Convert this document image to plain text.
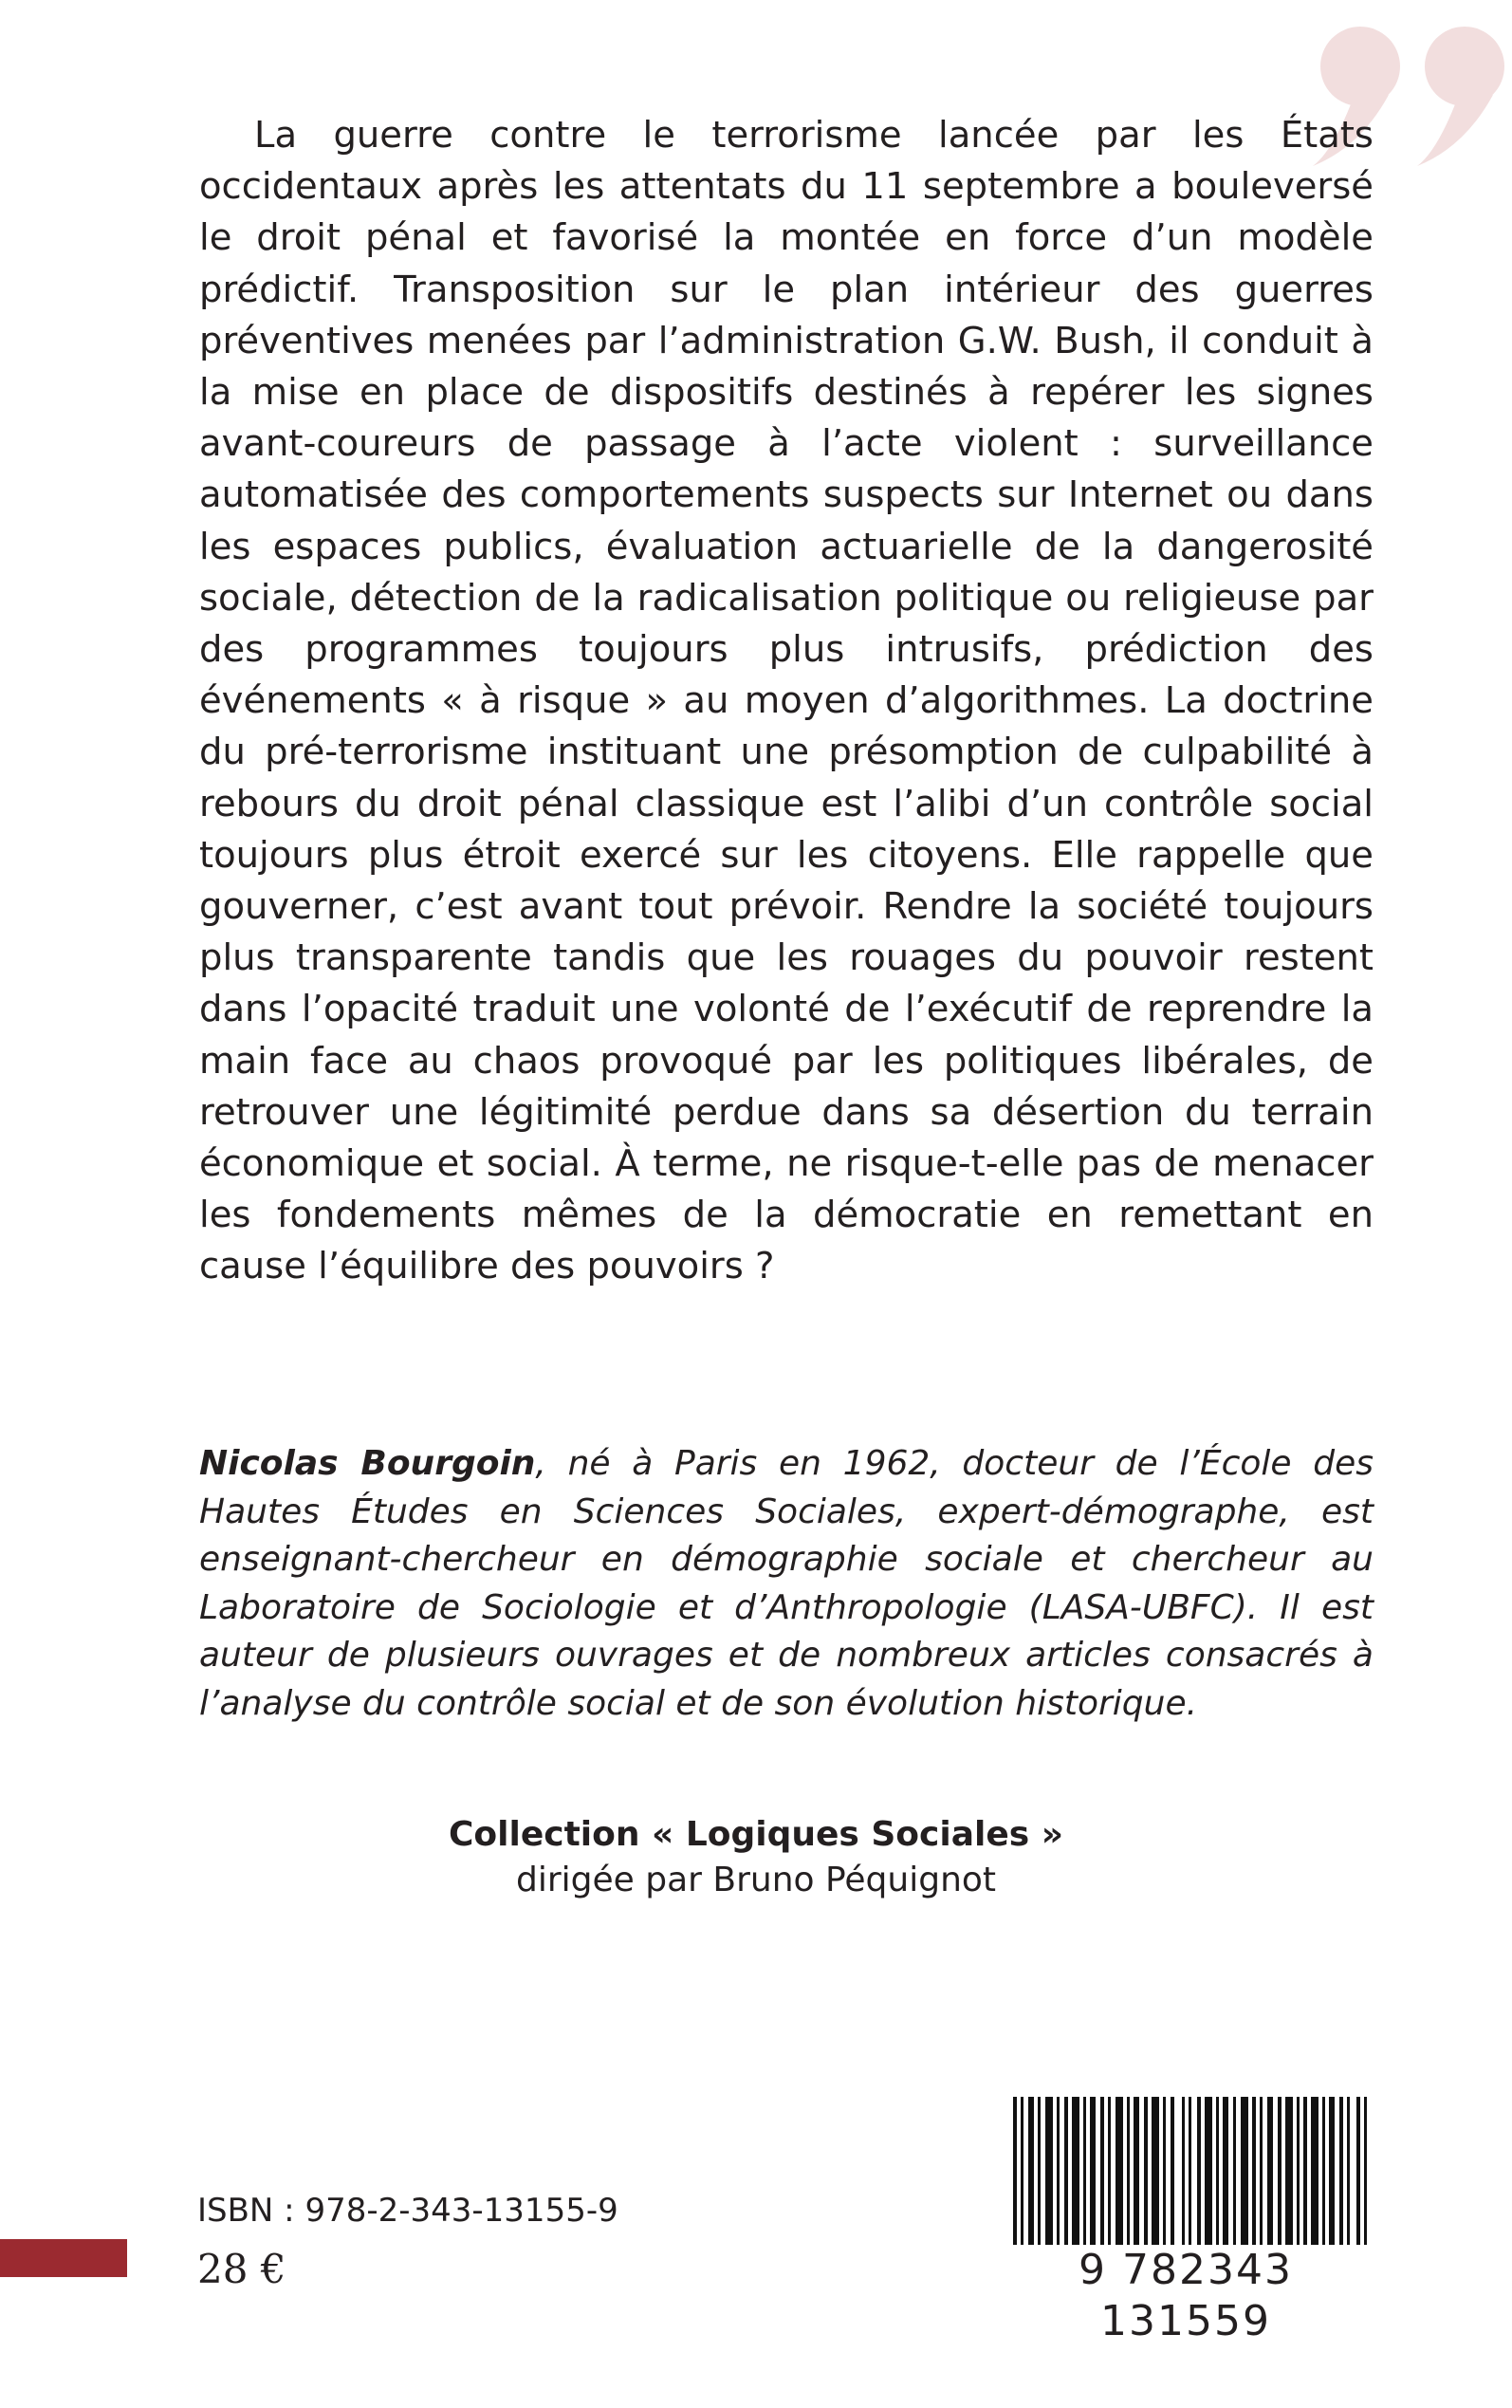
La guerre contre le terrorisme lancée par les États occidentaux après les attentats du 11 septembre a bouleversé le droit pénal et favorisé la montée en force d’un modèle prédictif. Transposition sur le plan intérieur des guerres préventives menées par l’administration G.W. Bush, il conduit à la mise en place de dispositifs destinés à repérer les signes avant-coureurs de passage à l’acte violent : surveillance automatisée des comportements suspects sur Internet ou dans les espaces publics, évaluation actuarielle de la dangerosité sociale, détection de la radicalisation politique ou religieuse par des programmes toujours plus intrusifs, prédiction des événements « à risque » au moyen d’algorithmes. La doctrine du pré-terrorisme instituant une présomption de culpabilité à rebours du droit pénal classique est l’alibi d’un contrôle social toujours plus étroit exercé sur les citoyens. Elle rappelle que gouverner, c’est avant tout prévoir. Rendre la société toujours plus transparente tandis que les rouages du pouvoir restent dans l’opacité traduit une volonté de l’exécutif de reprendre la main face au chaos provoqué par les politiques libérales, de retrouver une légitimité perdue dans sa désertion du terrain économique et social. À terme, ne risque-t-elle pas de menacer les fondements mêmes de la démocratie en remettant en cause l’équilibre des pouvoirs ?

Nicolas Bourgoin, né à Paris en 1962, docteur de l’École des Hautes Études en Sciences Sociales, expert-démographe, est enseignant-chercheur en démographie sociale et chercheur au Laboratoire de Sociologie et d’Anthropologie (LASA-UBFC). Il est auteur de plusieurs ouvrages et de nombreux articles consacrés à l’analyse du contrôle social et de son évolution historique.

Collection « Logiques Sociales »
dirigée par Bruno Péquignot
9 782343 131559
ISBN : 978-2-343-13155-9
28 €
